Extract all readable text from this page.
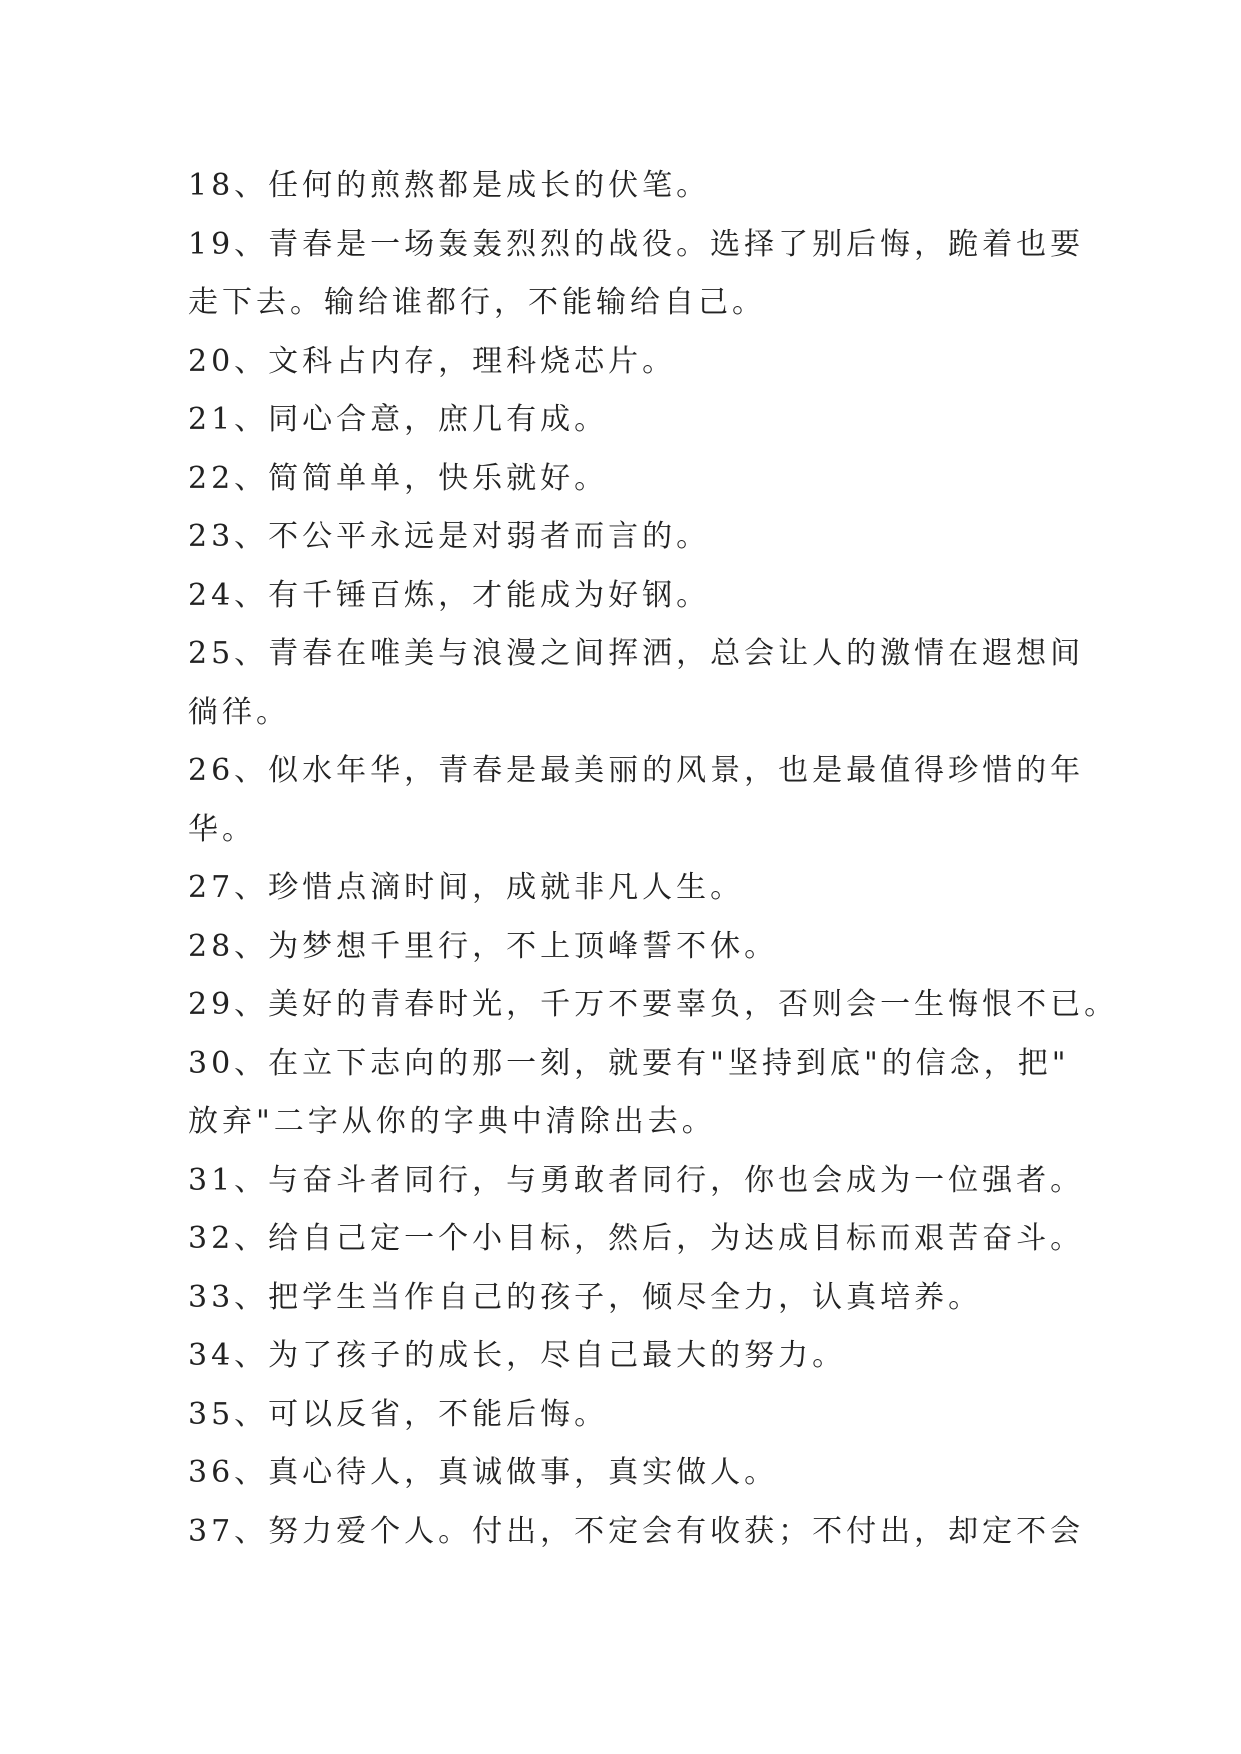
18、任何的煎熬都是成长的伏笔。
19、青春是一场轰轰烈烈的战役。选择了别后悔，跪着也要
走下去。输给谁都行，不能输给自己。
20、文科占内存，理科烧芯片。
21、同心合意，庶几有成。
22、简简单单，快乐就好。
23、不公平永远是对弱者而言的。
24、有千锤百炼，才能成为好钢。
25、青春在唯美与浪漫之间挥洒，总会让人的激情在遐想间
徜徉。
26、似水年华，青春是最美丽的风景，也是最值得珍惜的年
华。
27、珍惜点滴时间，成就非凡人生。
28、为梦想千里行，不上顶峰誓不休。
29、美好的青春时光，千万不要辜负，否则会一生悔恨不已。
30、在立下志向的那一刻，就要有"坚持到底"的信念，把"
放弃"二字从你的字典中清除出去。
31、与奋斗者同行，与勇敢者同行，你也会成为一位强者。
32、给自己定一个小目标，然后，为达成目标而艰苦奋斗。
33、把学生当作自己的孩子，倾尽全力，认真培养。
34、为了孩子的成长，尽自己最大的努力。
35、可以反省，不能后悔。
36、真心待人，真诚做事，真实做人。
37、努力爱个人。付出，不定会有收获；不付出，却定不会
